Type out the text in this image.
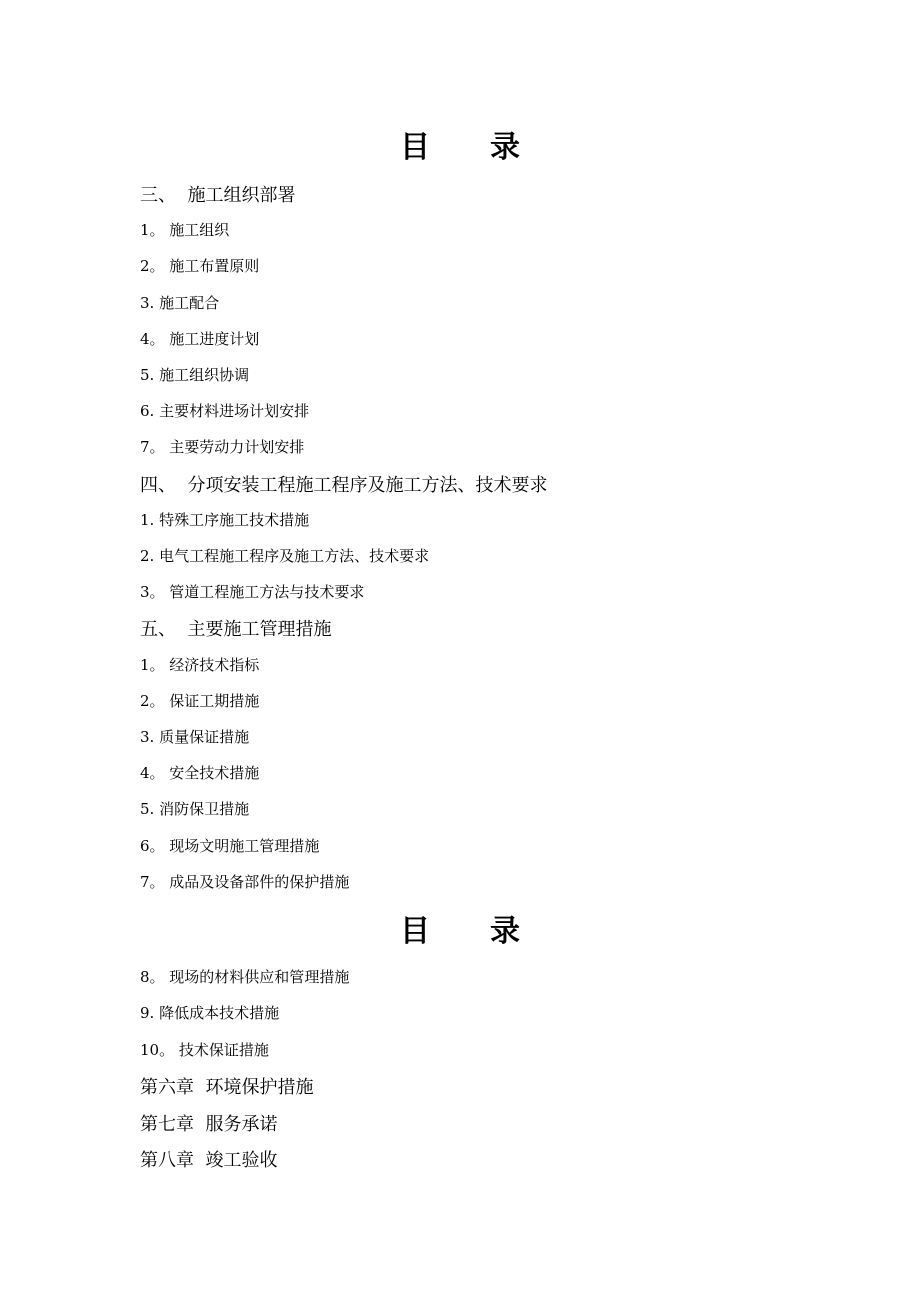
目　　录
三、  施工组织部署
1。 施工组织
2。 施工布置原则
3. 施工配合
4。 施工进度计划
5. 施工组织协调
6. 主要材料进场计划安排
7。 主要劳动力计划安排
四、  分项安装工程施工程序及施工方法、技术要求
1. 特殊工序施工技术措施
2. 电气工程施工程序及施工方法、技术要求
3。 管道工程施工方法与技术要求
五、  主要施工管理措施
1。 经济技术指标
2。 保证工期措施
3. 质量保证措施
4。 安全技术措施
5. 消防保卫措施
6。 现场文明施工管理措施
7。 成品及设备部件的保护措施
目　　录
8。 现场的材料供应和管理措施
9. 降低成本技术措施
10。 技术保证措施
第六章  环境保护措施
第七章  服务承诺
第八章  竣工验收
